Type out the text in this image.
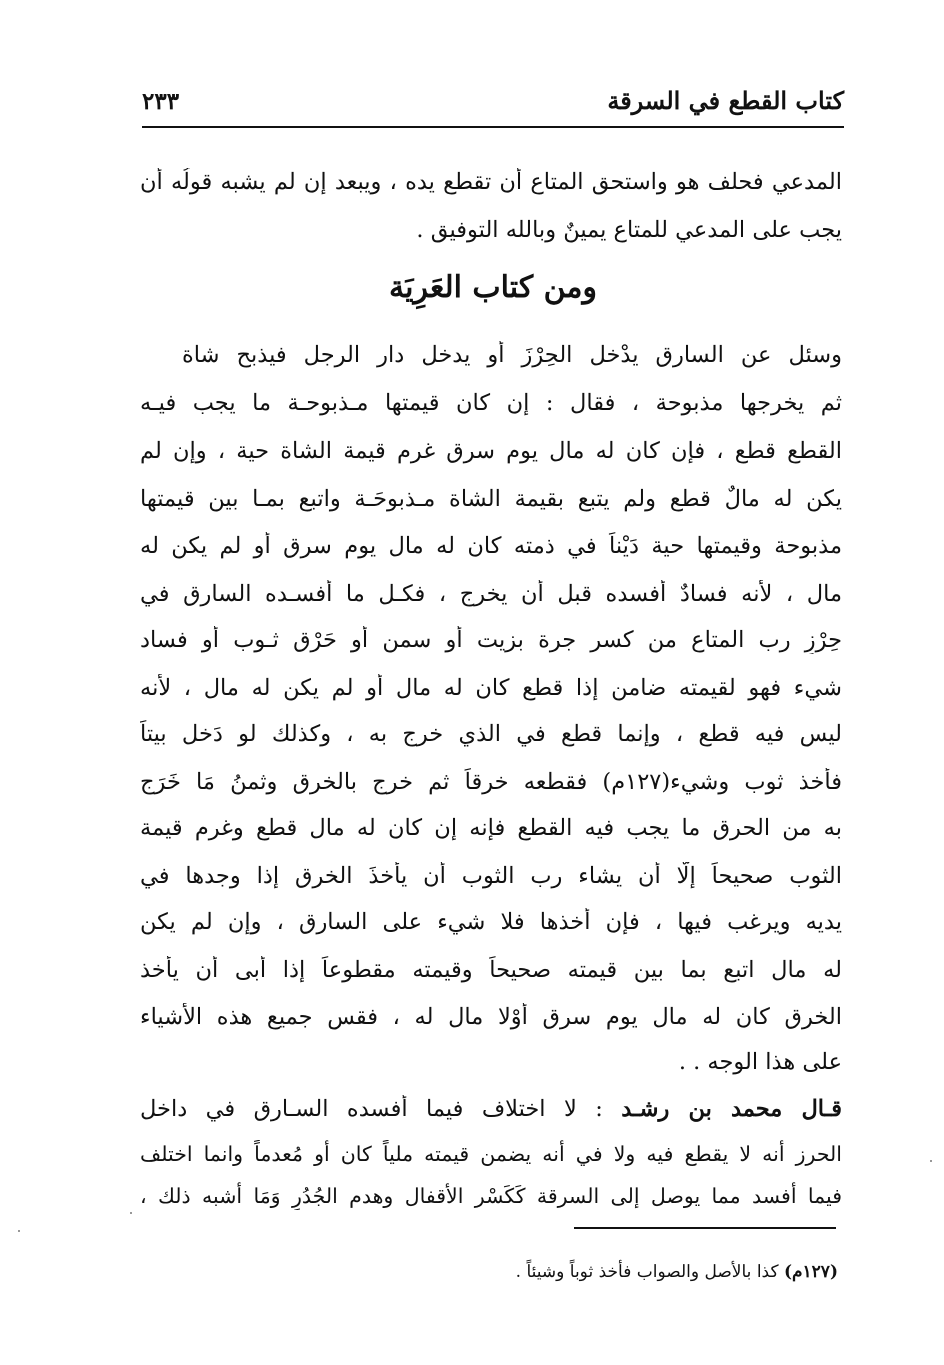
كتاب القطع في السرقة
٢٣٣
المدعي فحلف هو واستحق المتاع أن تقطع يده ، ويبعد إن لم يشبه قولُه أن
يجب على المدعي للمتاع يمينٌ وبالله التوفيق .
ومن كتاب العَرِيَة
وسئل عن السارق يدْخل الحِرْزَ أو يدخل دار الرجل فيذبح شاة
ثم يخرجها مذبوحة ، فقال : إن كان قيمتها مـذبوحـة ما يجب فيـه
القطع قطع ، فإن كان له مال يوم سرق غرم قيمة الشاة حية ، وإن لم
يكن له مالٌ قطع ولم يتبع بقيمة الشاة مـذبوحَـة واتبع بمـا بين قيمتها
مذبوحة وقيمتها حية دَيْناً في ذمته كان له مال يوم سرق أو لم يكن له
مال ، لأنه فسادٌ أفسده قبل أن يخرج ، فكـل ما أفسـده السارق في
حِرْزِ رب المتاع من كسر جرة بزيت أو سمن أو حَرْق ثـوب أو فساد
شيء فهو لقيمته ضامن إذا قطع كان له مال أو لم يكن له مال ، لأنه
ليس فيه قطع ، وإنما قطع في الذي خرج به ، وكذلك لو دَخل بيتاً
فأخذ ثوب وشيء(١٢٧م) فقطعه خرقاً ثم خرج بالخرق وثمنُ مَا خَرَج
به من الحرق ما يجب فيه القطع فإنه إن كان له مال قطع وغرم قيمة
الثوب صحيحاً إلَّا أن يشاء رب الثوب أن يأخذَ الخرق إذا وجدها في
يديه ويرغب فيها ، فإن أخذها فلا شيء على السارق ، وإن لم يكن
له مال اتبع بما بين قيمته صحيحاً وقيمته مقطوعاً إذا أبى أن يأخذ
الخرق كان له مال يوم سرق أَوْلا مال له ، فقس جميع هذه الأشياء
على هذا الوجه . .
قـال محمد بن رشـد : لا اختلاف فيما أفسده السـارق في داخل
الحرز أنه لا يقطع فيه ولا في أنه يضمن قيمته ملياً كان أو مُعدماً وانما اختلف
فيما أفسد مما يوصل إلى السرقة كَكَسْر الأقفال وهدم الجُدُرِ وَمَا أشبه ذلك ،
(١٢٧م) كذا بالأصل والصواب فأخذ ثوباً وشيئاً .
